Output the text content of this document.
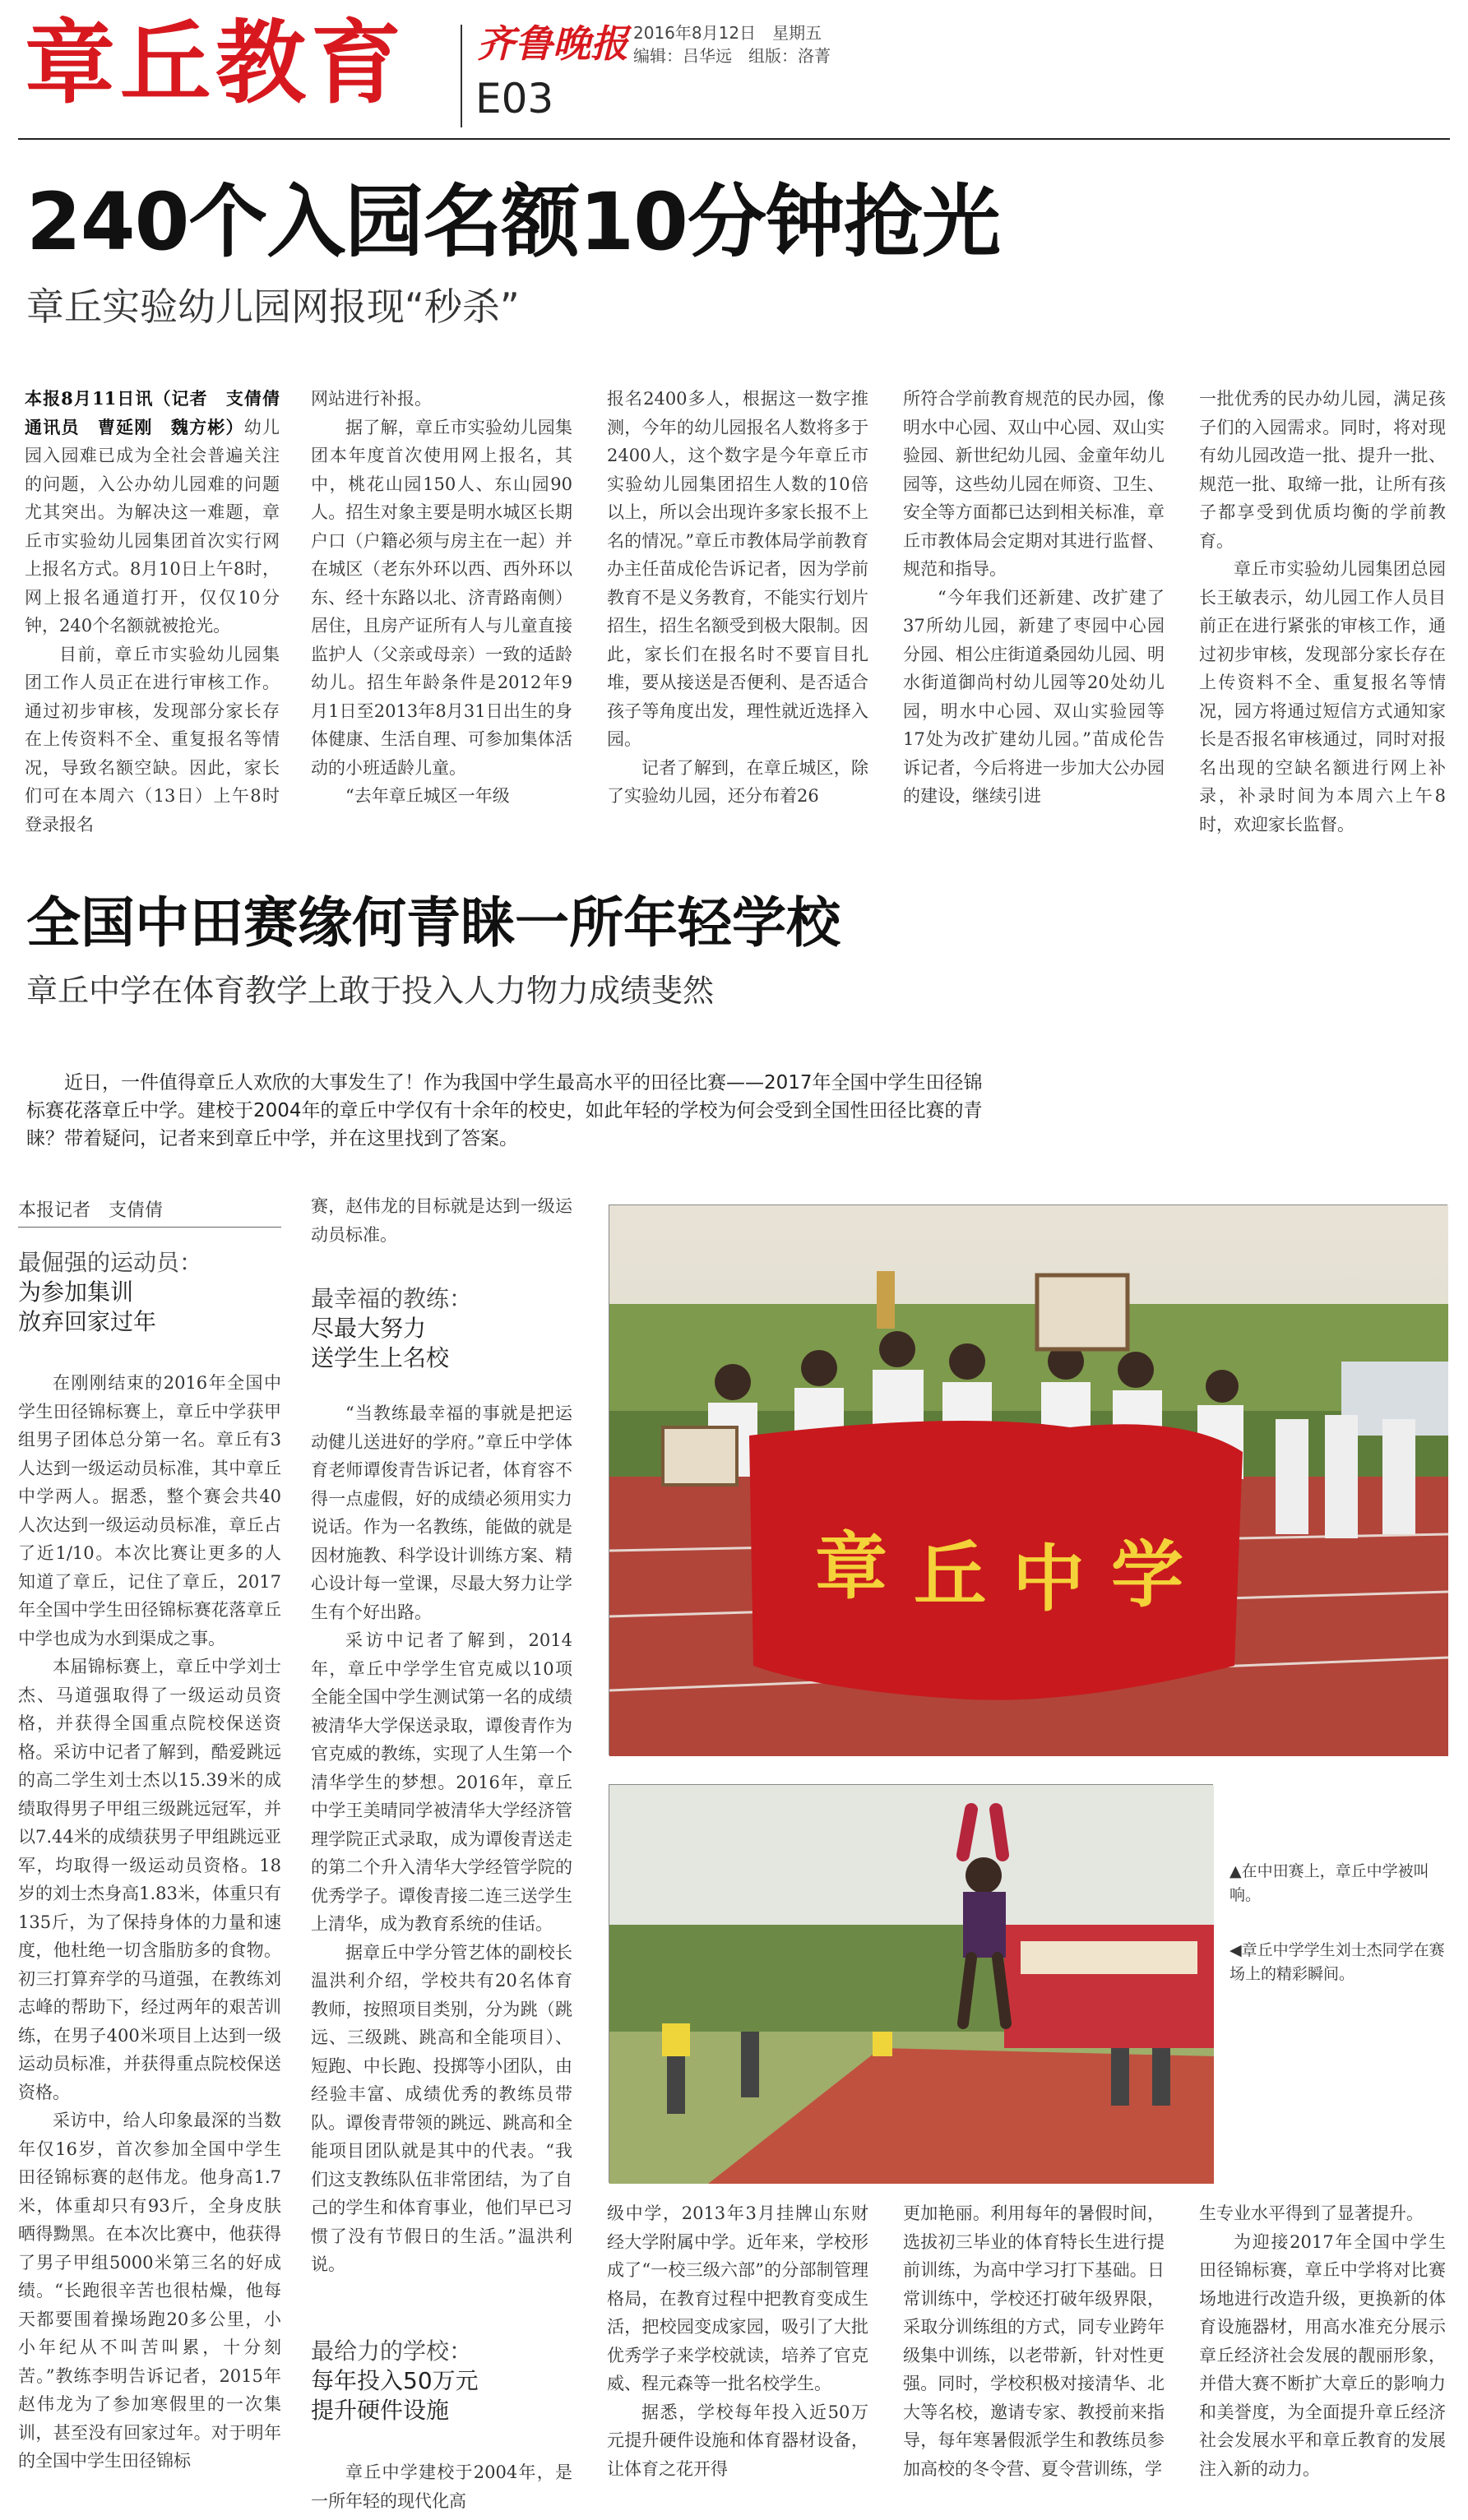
章丘教育 齐鲁晚报
E03
2016年8月12日　星期五
编辑：吕华远　组版：洛菁
240个入园名额10分钟抢光
章丘实验幼儿园网报现“秒杀”

本报8月11日讯（记者　支倩倩　通讯员　曹延刚　魏方彬）幼儿园入园难已成为全社会普遍关注的问题，入公办幼儿园难的问题尤其突出。为解决这一难题，章丘市实验幼儿园集团首次实行网上报名方式。8月10日上午8时，网上报名通道打开，仅仅10分钟，240个名额就被抢光。

目前，章丘市实验幼儿园集团工作人员正在进行审核工作。通过初步审核，发现部分家长存在上传资料不全、重复报名等情况，导致名额空缺。因此，家长们可在本周六（13日）上午8时登录报名

网站进行补报。

据了解，章丘市实验幼儿园集团本年度首次使用网上报名，其中，桃花山园150人、东山园90人。招生对象主要是明水城区长期户口（户籍必须与房主在一起）并在城区（老东外环以西、西外环以东、经十东路以北、济青路南侧）居住，且房产证所有人与儿童直接监护人（父亲或母亲）一致的适龄幼儿。招生年龄条件是2012年9月1日至2013年8月31日出生的身体健康、生活自理、可参加集体活动的小班适龄儿童。

“去年章丘城区一年级

报名2400多人，根据这一数字推测，今年的幼儿园报名人数将多于2400人，这个数字是今年章丘市实验幼儿园集团招生人数的10倍以上，所以会出现许多家长报不上名的情况。”章丘市教体局学前教育办主任苗成伦告诉记者，因为学前教育不是义务教育，不能实行划片招生，招生名额受到极大限制。因此，家长们在报名时不要盲目扎堆，要从接送是否便利、是否适合孩子等角度出发，理性就近选择入园。

记者了解到，在章丘城区，除了实验幼儿园，还分布着26

所符合学前教育规范的民办园，像明水中心园、双山中心园、双山实验园、新世纪幼儿园、金童年幼儿园等，这些幼儿园在师资、卫生、安全等方面都已达到相关标准，章丘市教体局会定期对其进行监督、规范和指导。

“今年我们还新建、改扩建了37所幼儿园，新建了枣园中心园分园、相公庄街道桑园幼儿园、明水街道御尚村幼儿园等20处幼儿园，明水中心园、双山实验园等17处为改扩建幼儿园。”苗成伦告诉记者，今后将进一步加大公办园的建设，继续引进

一批优秀的民办幼儿园，满足孩子们的入园需求。同时，将对现有幼儿园改造一批、提升一批、规范一批、取缔一批，让所有孩子都享受到优质均衡的学前教育。

章丘市实验幼儿园集团总园长王敏表示，幼儿园工作人员目前正在进行紧张的审核工作，通过初步审核，发现部分家长存在上传资料不全、重复报名等情况，园方将通过短信方式通知家长是否报名审核通过，同时对报名出现的空缺名额进行网上补录，补录时间为本周六上午8时，欢迎家长监督。

全国中田赛缘何青睐一所年轻学校
章丘中学在体育教学上敢于投入人力物力成绩斐然
近日，一件值得章丘人欢欣的大事发生了！作为我国中学生最高水平的田径比赛——2017年全国中学生田径锦标赛花落章丘中学。建校于2004年的章丘中学仅有十余年的校史，如此年轻的学校为何会受到全国性田径比赛的青睐？带着疑问，记者来到章丘中学，并在这里找到了答案。
本报记者　支倩倩
最倔强的运动员：
为参加集训
放弃回家过年

在刚刚结束的2016年全国中学生田径锦标赛上，章丘中学获甲组男子团体总分第一名。章丘有3人达到一级运动员标准，其中章丘中学两人。据悉，整个赛会共40人次达到一级运动员标准，章丘占了近1/10。本次比赛让更多的人知道了章丘，记住了章丘，2017年全国中学生田径锦标赛花落章丘中学也成为水到渠成之事。

本届锦标赛上，章丘中学刘士杰、马道强取得了一级运动员资格，并获得全国重点院校保送资格。采访中记者了解到，酷爱跳远的高二学生刘士杰以15.39米的成绩取得男子甲组三级跳远冠军，并以7.44米的成绩获男子甲组跳远亚军，均取得一级运动员资格。18岁的刘士杰身高1.83米，体重只有135斤，为了保持身体的力量和速度，他杜绝一切含脂肪多的食物。初三打算弃学的马道强，在教练刘志峰的帮助下，经过两年的艰苦训练，在男子400米项目上达到一级运动员标准，并获得重点院校保送资格。

采访中，给人印象最深的当数年仅16岁，首次参加全国中学生田径锦标赛的赵伟龙。他身高1.7米，体重却只有93斤，全身皮肤晒得黝黑。在本次比赛中，他获得了男子甲组5000米第三名的好成绩。“长跑很辛苦也很枯燥，他每天都要围着操场跑20多公里，小小年纪从不叫苦叫累，十分刻苦。”教练李明告诉记者，2015年赵伟龙为了参加寒假里的一次集训，甚至没有回家过年。对于明年的全国中学生田径锦标

赛，赵伟龙的目标就是达到一级运动员标准。

最幸福的教练：
尽最大努力
送学生上名校

“当教练最幸福的事就是把运动健儿送进好的学府。”章丘中学体育老师谭俊青告诉记者，体育容不得一点虚假，好的成绩必须用实力说话。作为一名教练，能做的就是因材施教、科学设计训练方案、精心设计每一堂课，尽最大努力让学生有个好出路。

采访中记者了解到，2014年，章丘中学学生官克威以10项全能全国中学生测试第一名的成绩被清华大学保送录取，谭俊青作为官克威的教练，实现了人生第一个清华学生的梦想。2016年，章丘中学王美晴同学被清华大学经济管理学院正式录取，成为谭俊青送走的第二个升入清华大学经管学院的优秀学子。谭俊青接二连三送学生上清华，成为教育系统的佳话。

据章丘中学分管艺体的副校长温洪利介绍，学校共有20名体育教师，按照项目类别，分为跳（跳远、三级跳、跳高和全能项目）、短跑、中长跑、投掷等小团队，由经验丰富、成绩优秀的教练员带队。谭俊青带领的跳远、跳高和全能项目团队就是其中的代表。“我们这支教练队伍非常团结，为了自己的学生和体育事业，他们早已习惯了没有节假日的生活。”温洪利说。

最给力的学校：
每年投入50万元
提升硬件设施

章丘中学建校于2004年，是一所年轻的现代化高

章 丘 中 学
▲在中田赛上，章丘中学被叫响。
◀章丘中学学生刘士杰同学在赛场上的精彩瞬间。

级中学，2013年3月挂牌山东财经大学附属中学。近年来，学校形成了“一校三级六部”的分部制管理格局，在教育过程中把教育变成生活，把校园变成家园，吸引了大批优秀学子来学校就读，培养了官克威、程元森等一批名校学生。

据悉，学校每年投入近50万元提升硬件设施和体育器材设备，让体育之花开得

更加艳丽。利用每年的暑假时间，选拔初三毕业的体育特长生进行提前训练，为高中学习打下基础。日常训练中，学校还打破年级界限，采取分训练组的方式，同专业跨年级集中训练，以老带新，针对性更强。同时，学校积极对接清华、北大等名校，邀请专家、教授前来指导，每年寒暑假派学生和教练员参加高校的冬令营、夏令营训练，学

生专业水平得到了显著提升。

为迎接2017年全国中学生田径锦标赛，章丘中学将对比赛场地进行改造升级，更换新的体育设施器材，用高水准充分展示章丘经济社会发展的靓丽形象，并借大赛不断扩大章丘的影响力和美誉度，为全面提升章丘经济社会发展水平和章丘教育的发展注入新的动力。
